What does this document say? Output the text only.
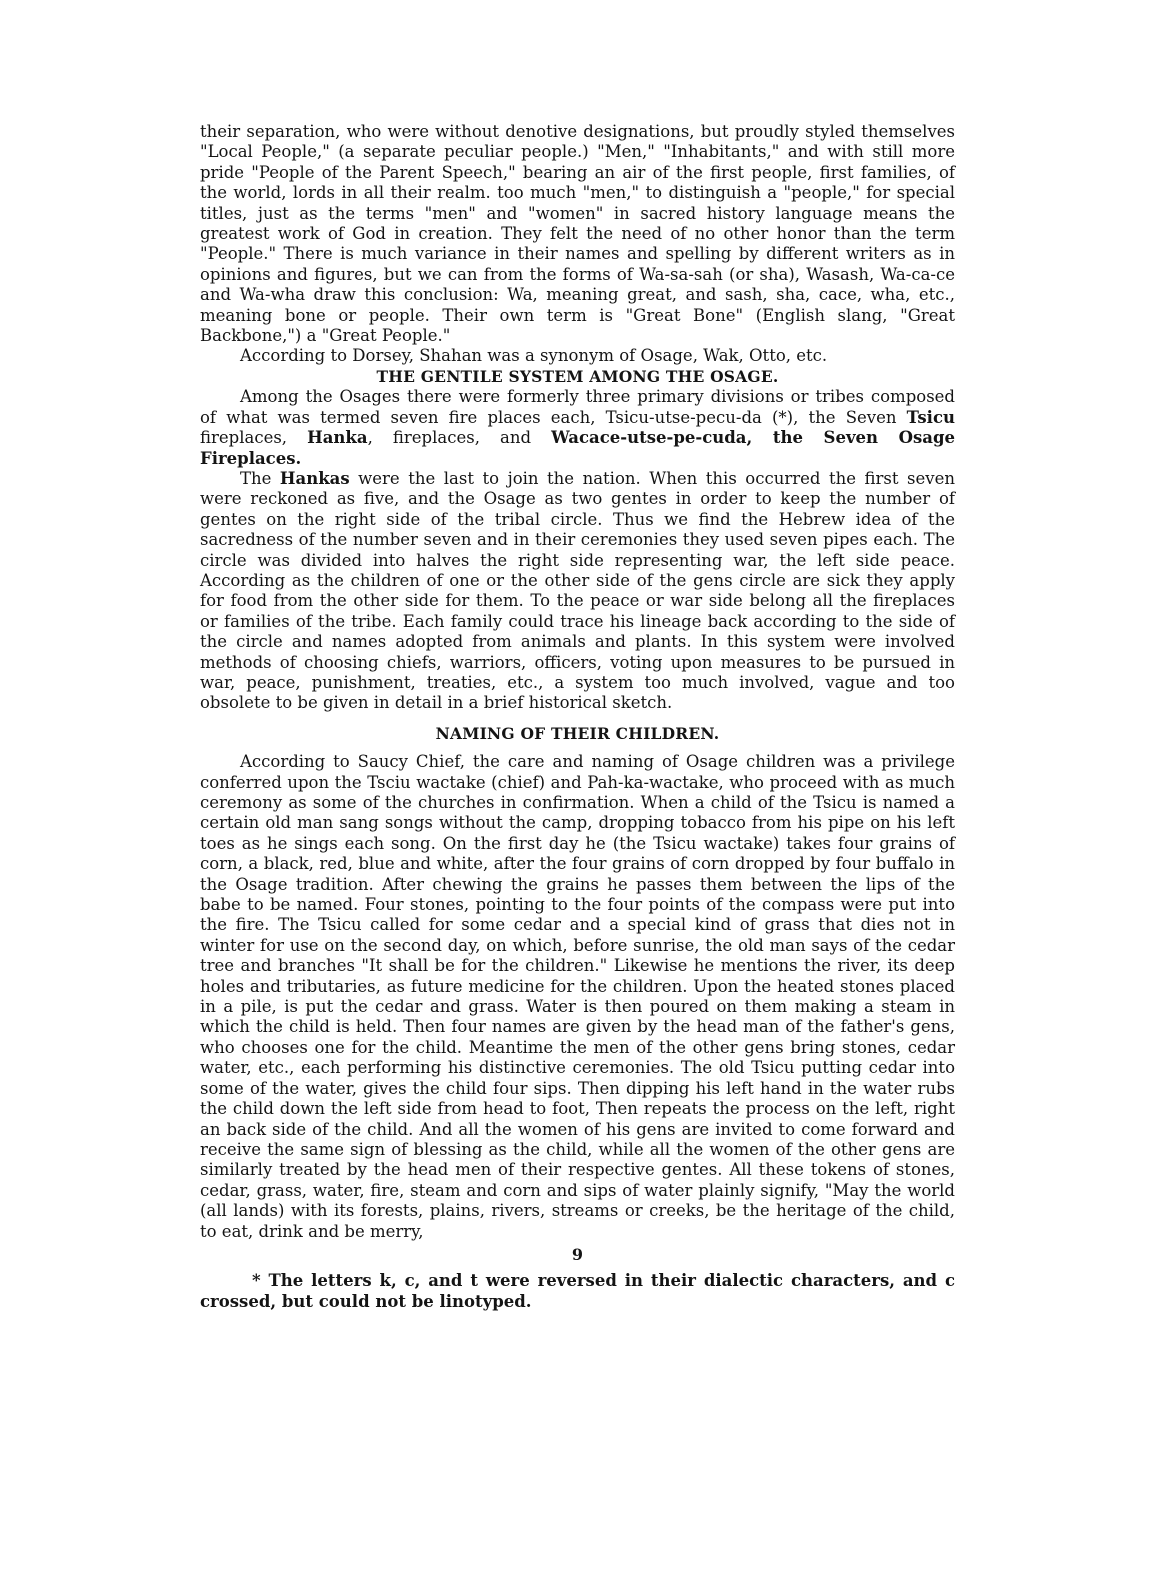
their separation, who were without denotive designations, but proudly styled themselves "Local People," (a separate peculiar people.) "Men," "Inhabitants," and with still more pride "People of the Parent Speech," bearing an air of the first people, first families, of the world, lords in all their realm. too much "men," to distinguish a "people," for special titles, just as the terms "men" and "women" in sacred history language means the greatest work of God in creation. They felt the need of no other honor than the term "People." There is much variance in their names and spelling by different writers as in opinions and figures, but we can from the forms of Wa-sa-sah (or sha), Wasash, Wa-ca-ce and Wa-wha draw this conclusion: Wa, meaning great, and sash, sha, cace, wha, etc., meaning bone or people. Their own term is "Great Bone" (English slang, "Great Backbone,") a "Great People."

According to Dorsey, Shahan was a synonym of Osage, Wak, Otto, etc.

THE GENTILE SYSTEM AMONG THE OSAGE.

Among the Osages there were formerly three primary divisions or tribes composed of what was termed seven fire places each, Tsicu-utse-pecu-da (*), the Seven Tsicu fireplaces, Hanka, fireplaces, and Wacace-utse-pe-cuda, the Seven Osage Fireplaces.

The Hankas were the last to join the nation. When this occurred the first seven were reckoned as five, and the Osage as two gentes in order to keep the number of gentes on the right side of the tribal circle. Thus we find the Hebrew idea of the sacredness of the number seven and in their ceremonies they used seven pipes each. The circle was divided into halves the right side representing war, the left side peace. According as the children of one or the other side of the gens circle are sick they apply for food from the other side for them. To the peace or war side belong all the fireplaces or families of the tribe. Each family could trace his lineage back according to the side of the circle and names adopted from animals and plants. In this system were involved methods of choosing chiefs, warriors, officers, voting upon measures to be pursued in war, peace, punishment, treaties, etc., a system too much involved, vague and too obsolete to be given in detail in a brief historical sketch.

NAMING OF THEIR CHILDREN.

According to Saucy Chief, the care and naming of Osage children was a privilege conferred upon the Tsciu wactake (chief) and Pah-ka-wactake, who proceed with as much ceremony as some of the churches in confirmation. When a child of the Tsicu is named a certain old man sang songs without the camp, dropping tobacco from his pipe on his left toes as he sings each song. On the first day he (the Tsicu wactake) takes four grains of corn, a black, red, blue and white, after the four grains of corn dropped by four buffalo in the Osage tradition. After chewing the grains he passes them between the lips of the babe to be named. Four stones, pointing to the four points of the compass were put into the fire. The Tsicu called for some cedar and a special kind of grass that dies not in winter for use on the second day, on which, before sunrise, the old man says of the cedar tree and branches "It shall be for the children." Likewise he mentions the river, its deep holes and tributaries, as future medicine for the children. Upon the heated stones placed in a pile, is put the cedar and grass. Water is then poured on them making a steam in which the child is held. Then four names are given by the head man of the father's gens, who chooses one for the child. Meantime the men of the other gens bring stones, cedar water, etc., each performing his distinctive ceremonies. The old Tsicu putting cedar into some of the water, gives the child four sips. Then dipping his left hand in the water rubs the child down the left side from head to foot, Then repeats the process on the left, right an back side of the child. And all the women of his gens are invited to come forward and receive the same sign of blessing as the child, while all the women of the other gens are similarly treated by the head men of their respective gentes. All these tokens of stones, cedar, grass, water, fire, steam and corn and sips of water plainly signify, "May the world (all lands) with its forests, plains, rivers, streams or creeks, be the heritage of the child, to eat, drink and be merry,

9

* The letters k, c, and t were reversed in their dialectic characters, and c crossed, but could not be linotyped.
